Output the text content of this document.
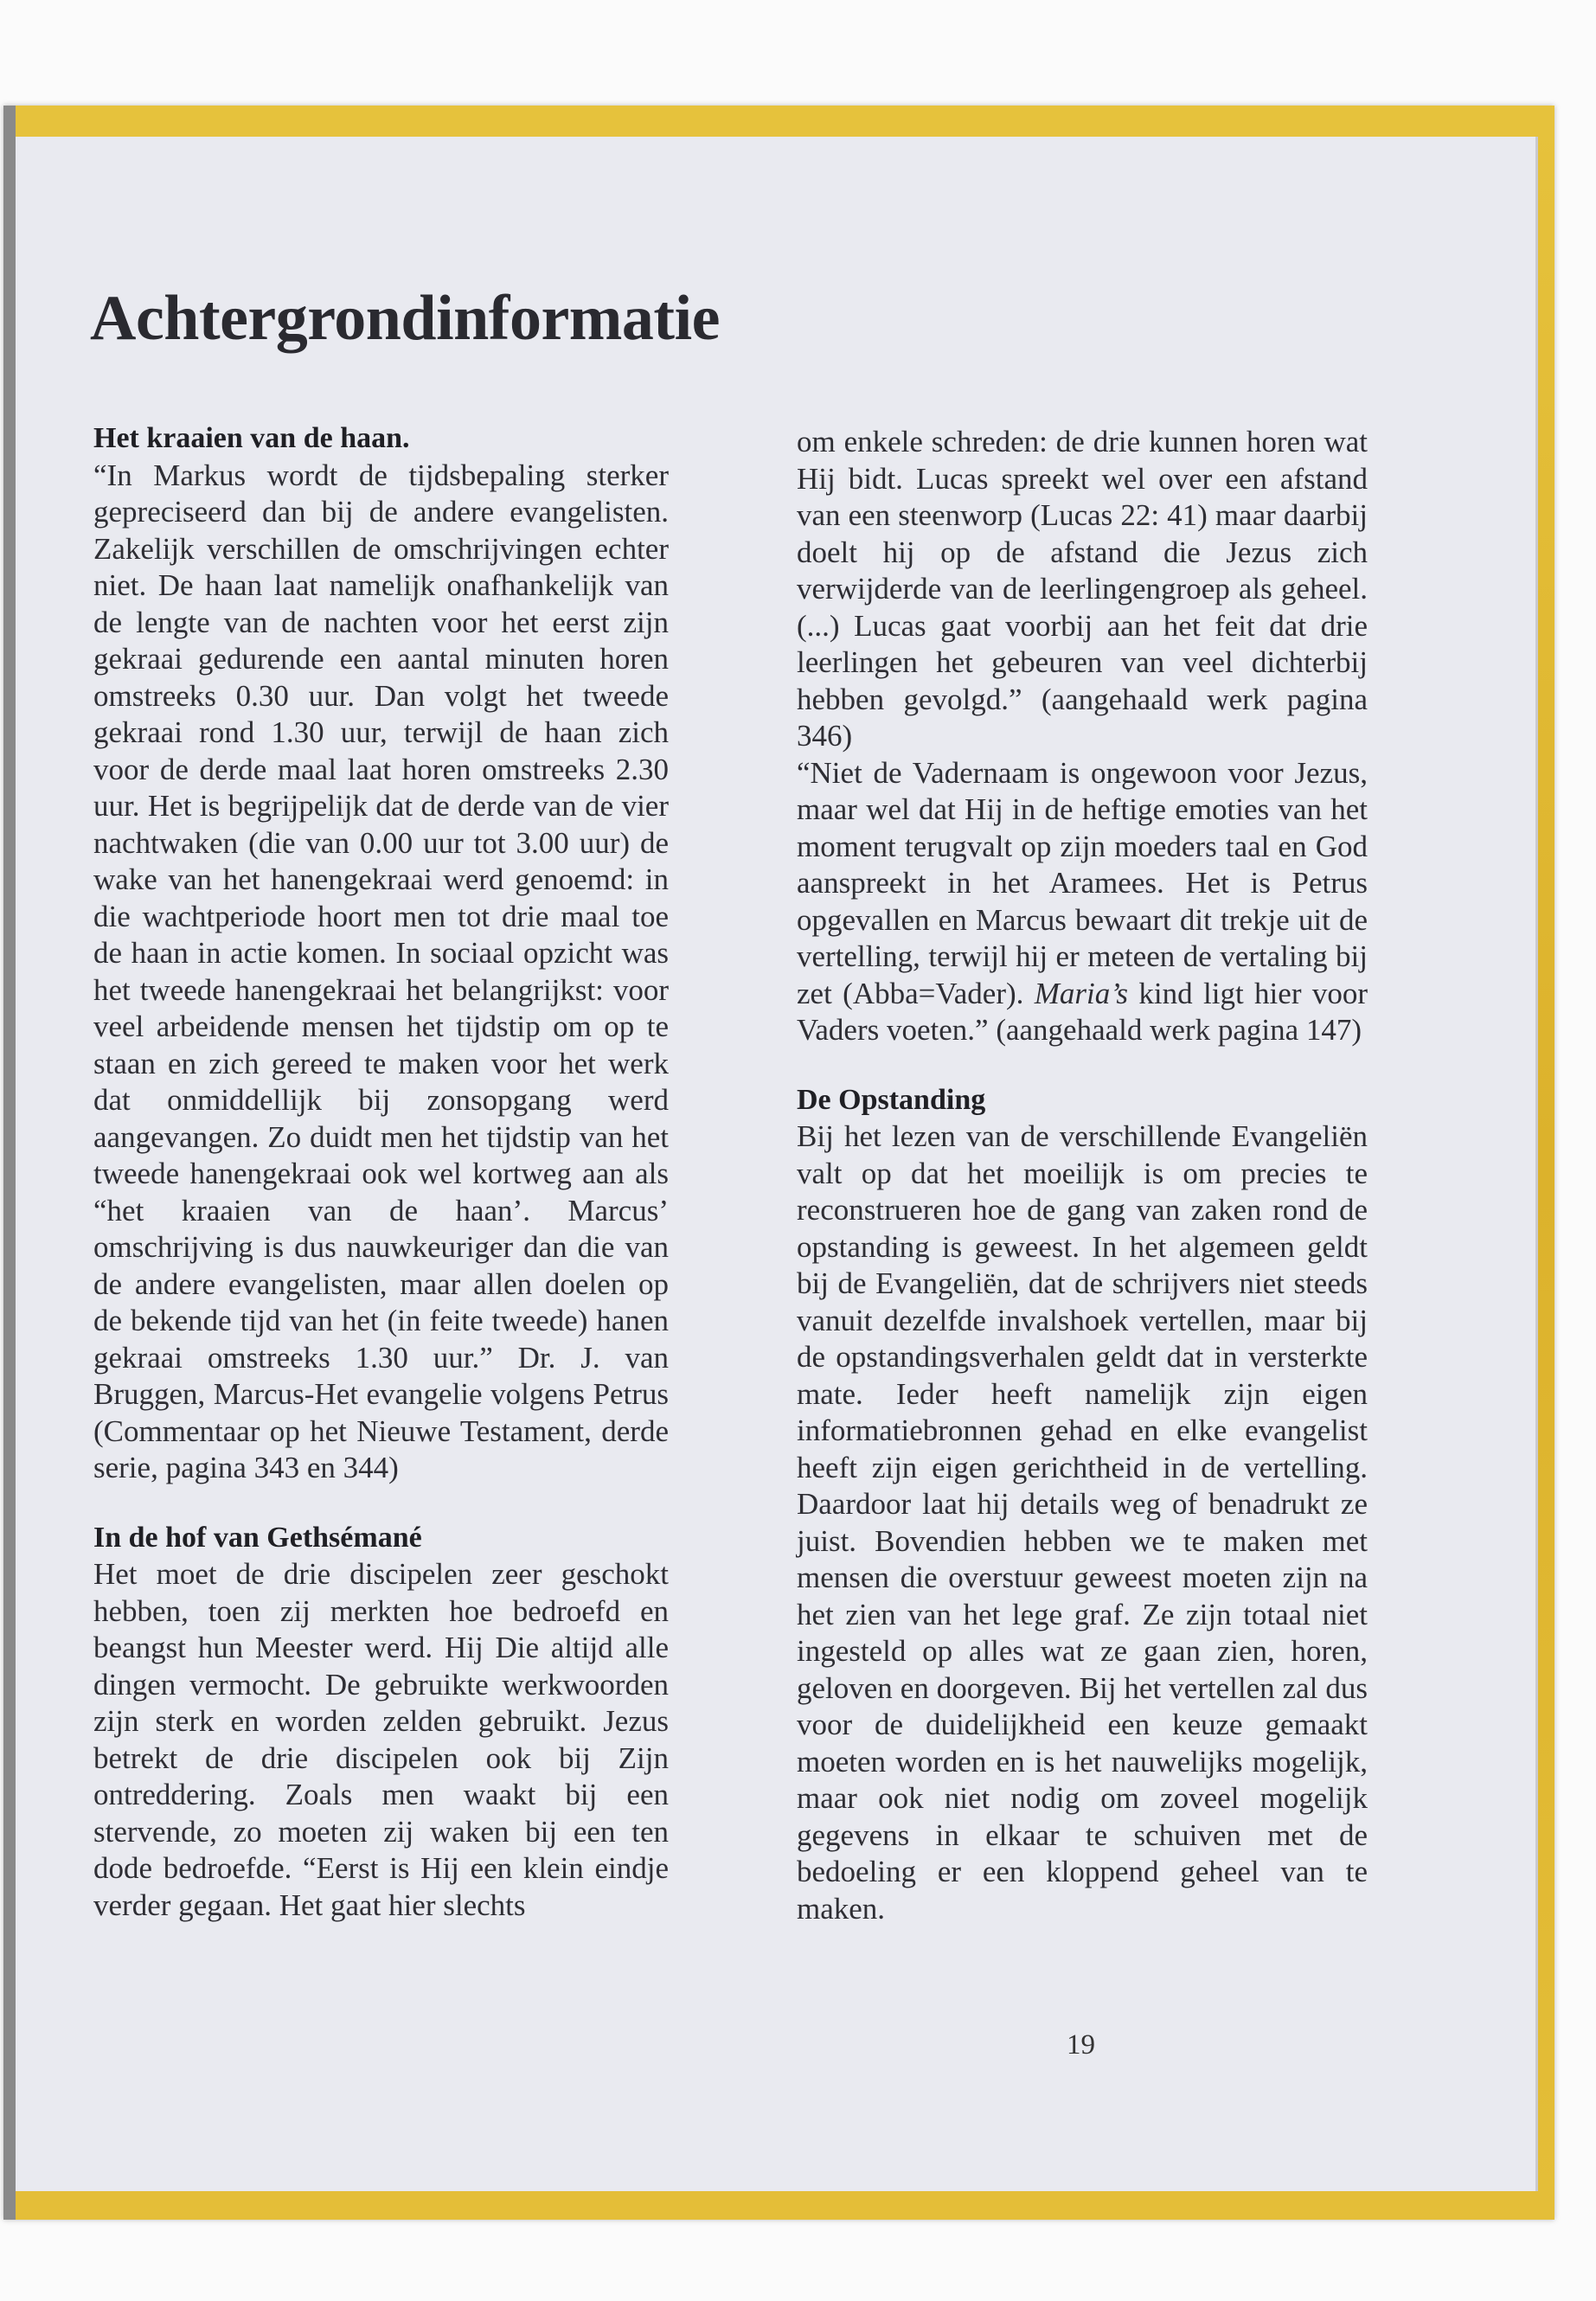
Achtergrondinformatie

Het kraaien van de haan.

“In Markus wordt de tijdsbepaling sterker gepreciseerd dan bij de andere evangelisten. Zakelijk verschillen de omschrijvingen echter niet. De haan laat namelijk onafhankelijk van de lengte van de nachten voor het eerst zijn gekraai gedurende een aantal minuten horen omstreeks 0.30 uur. Dan volgt het tweede gekraai rond 1.30 uur, terwijl de haan zich voor de derde maal laat horen omstreeks 2.30 uur. Het is begrijpelijk dat de derde van de vier nachtwaken (die van 0.00 uur tot 3.00 uur) de wake van het hanengekraai werd genoemd: in die wachtperiode hoort men tot drie maal toe de haan in actie komen. In sociaal opzicht was het tweede hanengekraai het belangrijkst: voor veel arbeidende mensen het tijdstip om op te staan en zich gereed te maken voor het werk dat onmiddellijk bij zonsopgang werd aangevangen. Zo duidt men het tijdstip van het tweede hanengekraai ook wel kortweg aan als “het kraaien van de haan’. Marcus’ omschrijving is dus nauwkeuriger dan die van de andere evangelisten, maar allen doelen op de bekende tijd van het (in feite tweede) hanen gekraai omstreeks 1.30 uur.” Dr. J. van Bruggen, Marcus-Het evangelie volgens Petrus (Commentaar op het Nieuwe Testament, derde serie, pagina 343 en 344)

In de hof van Gethsémané

Het moet de drie discipelen zeer geschokt hebben, toen zij merkten hoe bedroefd en beangst hun Meester werd. Hij Die altijd alle dingen vermocht. De gebruikte werkwoorden zijn sterk en worden zelden gebruikt. Jezus betrekt de drie discipelen ook bij Zijn ontreddering. Zoals men waakt bij een stervende, zo moeten zij waken bij een ten dode bedroefde. “Eerst is Hij een klein eindje verder gegaan. Het gaat hier slechts

om enkele schreden: de drie kunnen horen wat Hij bidt. Lucas spreekt wel over een afstand van een steenworp (Lucas 22: 41) maar daarbij doelt hij op de afstand die Jezus zich verwijderde van de leerlingengroep als geheel. (...) Lucas gaat voorbij aan het feit dat drie leerlingen het gebeuren van veel dichterbij hebben gevolgd.” (aangehaald werk pagina 346)

“Niet de Vadernaam is ongewoon voor Jezus, maar wel dat Hij in de heftige emoties van het moment terugvalt op zijn moeders taal en God aanspreekt in het Aramees. Het is Petrus opgevallen en Marcus bewaart dit trekje uit de vertelling, terwijl hij er meteen de vertaling bij zet (Abba=Vader). Maria’s kind ligt hier voor Vaders voeten.” (aangehaald werk pagina 147)

De Opstanding

Bij het lezen van de verschillende Evangeliën valt op dat het moeilijk is om precies te reconstrueren hoe de gang van zaken rond de opstanding is geweest. In het algemeen geldt bij de Evangeliën, dat de schrijvers niet steeds vanuit dezelfde invalshoek vertellen, maar bij de opstandingsverhalen geldt dat in versterkte mate. Ieder heeft namelijk zijn eigen informatiebronnen gehad en elke evangelist heeft zijn eigen gerichtheid in de vertelling. Daardoor laat hij details weg of benadrukt ze juist. Bovendien hebben we te maken met mensen die overstuur geweest moeten zijn na het zien van het lege graf. Ze zijn totaal niet ingesteld op alles wat ze gaan zien, horen, geloven en doorgeven. Bij het vertellen zal dus voor de duidelijkheid een keuze gemaakt moeten worden en is het nauwelijks mogelijk, maar ook niet nodig om zoveel mogelijk gegevens in elkaar te schuiven met de bedoeling er een kloppend geheel van te maken.

19
